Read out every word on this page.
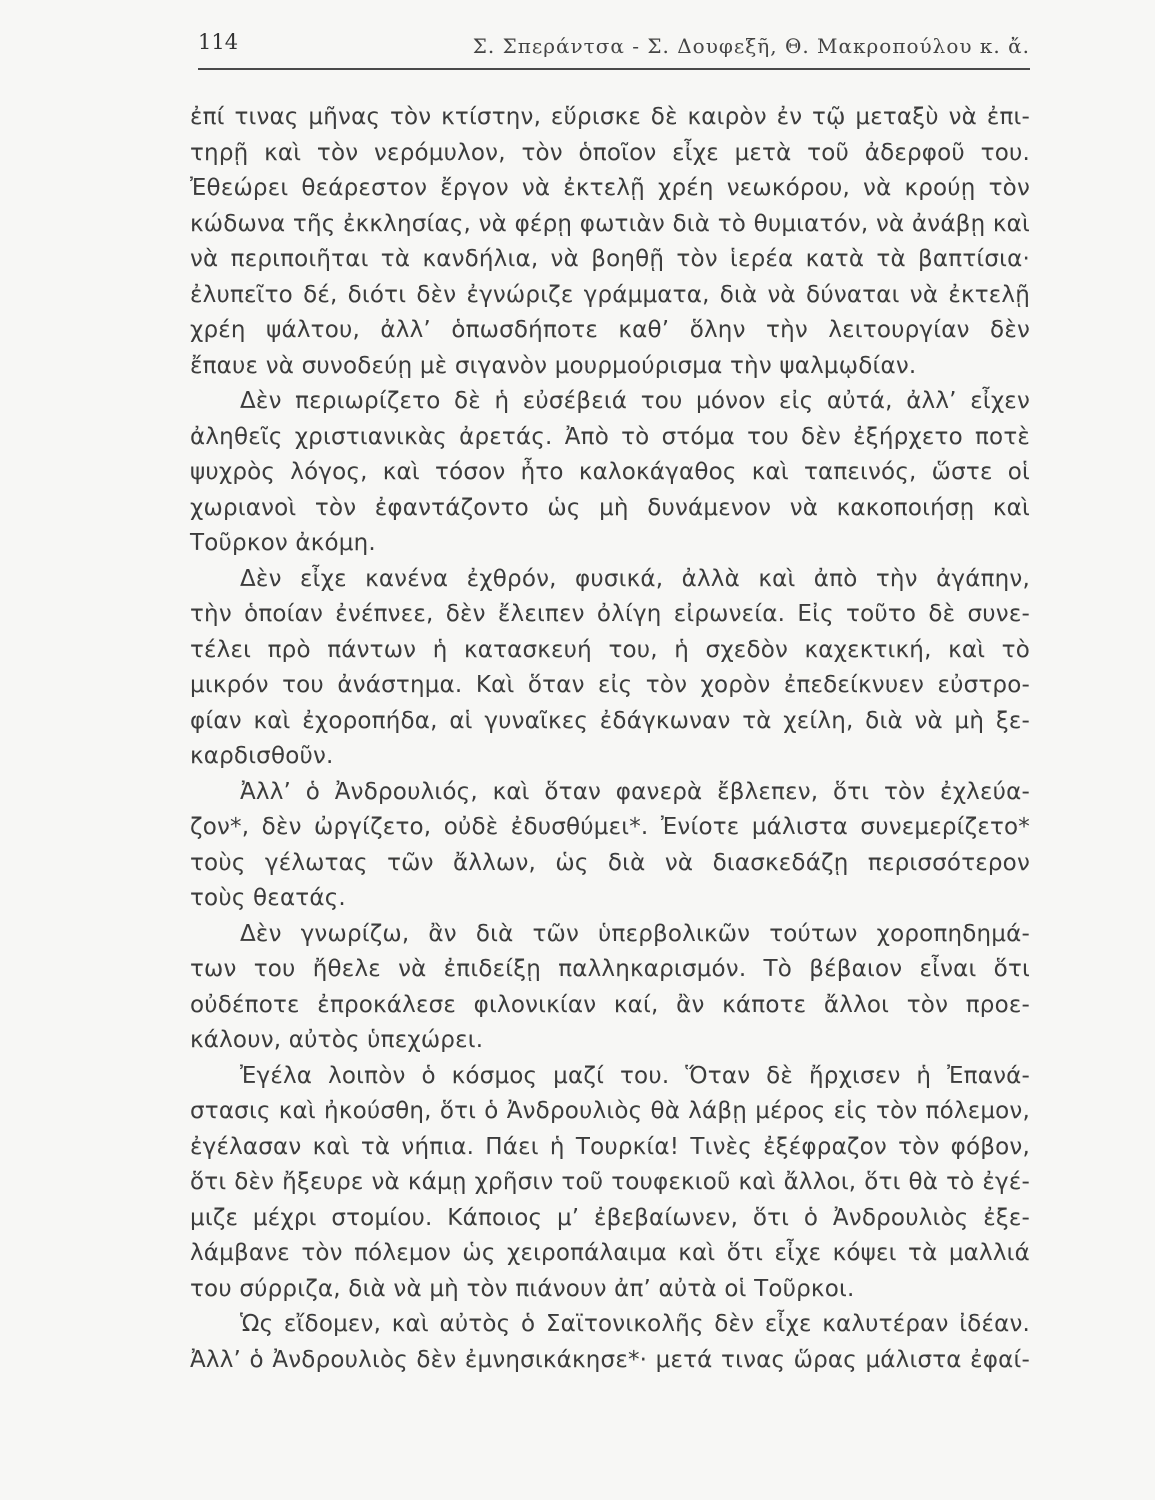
114	Σ. Σπεράντσα - Σ. Δουφεξῆ, Θ. Μακροπούλου κ. ἄ.
ἐπί τινας μῆνας τὸν κτίστην, εὕρισκε δὲ καιρὸν ἐν τῷ μεταξὺ νὰ ἐπι-
τηρῇ καὶ τὸν νερόμυλον, τὸν ὁποῖον εἶχε μετὰ τοῦ ἀδερφοῦ του.
Ἐθεώρει θεάρεστον ἔργον νὰ ἐκτελῇ χρέη νεωκόρου, νὰ κρούῃ τὸν
κώδωνα τῆς ἐκκλησίας, νὰ φέρῃ φωτιὰν διὰ τὸ θυμιατόν, νὰ ἀνάβῃ καὶ
νὰ περιποιῆται τὰ κανδήλια, νὰ βοηθῇ τὸν ἱερέα κατὰ τὰ βαπτίσια·
ἐλυπεῖτο δέ, διότι δὲν ἐγνώριζε γράμματα, διὰ νὰ δύναται νὰ ἐκτελῇ
χρέη ψάλτου, ἀλλ’ ὁπωσδήποτε καθ’ ὅλην τὴν λειτουργίαν δὲν
ἔπαυε νὰ συνοδεύῃ μὲ σιγανὸν μουρμούρισμα τὴν ψαλμῳδίαν.
Δὲν περιωρίζετο δὲ ἡ εὐσέβειά του μόνον εἰς αὐτά, ἀλλ’ εἶχεν
ἀληθεῖς χριστιανικὰς ἀρετάς. Ἀπὸ τὸ στόμα του δὲν ἐξήρχετο ποτὲ
ψυχρὸς λόγος, καὶ τόσον ἦτο καλοκάγαθος καὶ ταπεινός, ὥστε οἱ
χωριανοὶ τὸν ἐφαντάζοντο ὡς μὴ δυνάμενον νὰ κακοποιήσῃ καὶ
Τοῦρκον ἀκόμη.
Δὲν εἶχε κανένα ἐχθρόν, φυσικά, ἀλλὰ καὶ ἀπὸ τὴν ἀγάπην,
τὴν ὁποίαν ἐνέπνεε, δὲν ἔλειπεν ὀλίγη εἰρωνεία. Εἰς τοῦτο δὲ συνε-
τέλει πρὸ πάντων ἡ κατασκευή του, ἡ σχεδὸν καχεκτική, καὶ τὸ
μικρόν του ἀνάστημα. Καὶ ὅταν εἰς τὸν χορὸν ἐπεδείκνυεν εὐστρο-
φίαν καὶ ἐχοροπήδα, αἱ γυναῖκες ἐδάγκωναν τὰ χείλη, διὰ νὰ μὴ ξε-
καρδισθοῦν.
Ἀλλ’ ὁ Ἀνδρουλιός, καὶ ὅταν φανερὰ ἔβλεπεν, ὅτι τὸν ἐχλεύα-
ζον*, δὲν ὠργίζετο, οὐδὲ ἐδυσθύμει*. Ἐνίοτε μάλιστα συνεμερίζετο*
τοὺς γέλωτας τῶν ἄλλων, ὡς διὰ νὰ διασκεδάζῃ περισσότερον
τοὺς θεατάς.
Δὲν γνωρίζω, ἂν διὰ τῶν ὑπερβολικῶν τούτων χοροπηδημά-
των του ἤθελε νὰ ἐπιδείξῃ παλληκαρισμόν. Τὸ βέβαιον εἶναι ὅτι
οὐδέποτε ἐπροκάλεσε φιλονικίαν καί, ἂν κάποτε ἄλλοι τὸν προε-
κάλουν, αὐτὸς ὑπεχώρει.
Ἐγέλα λοιπὸν ὁ κόσμος μαζί του. Ὅταν δὲ ἤρχισεν ἡ Ἐπανά-
στασις καὶ ἠκούσθη, ὅτι ὁ Ἀνδρουλιὸς θὰ λάβῃ μέρος εἰς τὸν πόλεμον,
ἐγέλασαν καὶ τὰ νήπια. Πάει ἡ Τουρκία! Τινὲς ἐξέφραζον τὸν φόβον,
ὅτι δὲν ἤξευρε νὰ κάμῃ χρῆσιν τοῦ τουφεκιοῦ καὶ ἄλλοι, ὅτι θὰ τὸ ἐγέ-
μιζε μέχρι στομίου. Κάποιος μ’ ἐβεβαίωνεν, ὅτι ὁ Ἀνδρουλιὸς ἐξε-
λάμβανε τὸν πόλεμον ὡς χειροπάλαιμα καὶ ὅτι εἶχε κόψει τὰ μαλλιά
του σύρριζα, διὰ νὰ μὴ τὸν πιάνουν ἀπ’ αὐτὰ οἱ Τοῦρκοι.
Ὡς εἴδομεν, καὶ αὐτὸς ὁ Σαϊτονικολῆς δὲν εἶχε καλυτέραν ἰδέαν.
Ἀλλ’ ὁ Ἀνδρουλιὸς δὲν ἐμνησικάκησε*· μετά τινας ὥρας μάλιστα ἐφαί-
